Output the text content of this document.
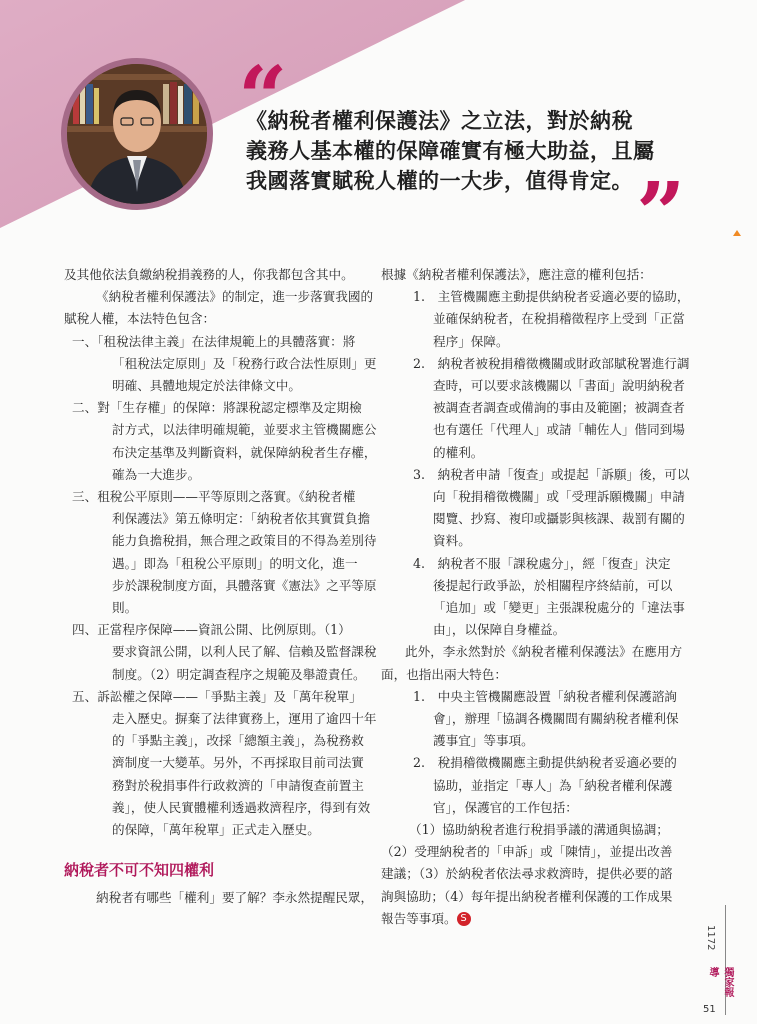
“

《納稅者權利保護法》之立法，對於納稅

義務人基本權的保障確實有極大助益，且屬

我國落實賦稅人權的一大步，值得肯定。 ”

及其他依法負繳納稅捐義務的人，你我都包含其中。

《納稅者權利保護法》的制定，進一步落實我國的

賦稅人權，本法特色包含：

一、「租稅法律主義」在法律規範上的具體落實：將

「租稅法定原則」及「稅務行政合法性原則」更

明確、具體地規定於法律條文中。

二、對「生存權」的保障：將課稅認定標準及定期檢

討方式，以法律明確規範，並要求主管機關應公

布決定基準及判斷資料，就保障納稅者生存權，

確為一大進步。

三、租稅公平原則——平等原則之落實。《納稅者權

利保護法》第五條明定：「納稅者依其實質負擔

能力負擔稅捐，無合理之政策目的不得為差別待

遇。」即為「租稅公平原則」的明文化，進一

步於課稅制度方面，具體落實《憲法》之平等原

則。

四、正當程序保障——資訊公開、比例原則。（1）

要求資訊公開，以利人民了解、信賴及監督課稅

制度。（2）明定調查程序之規範及舉證責任。

五、訴訟權之保障——「爭點主義」及「萬年稅單」

走入歷史。摒棄了法律實務上，運用了逾四十年

的「爭點主義」，改採「總額主義」，為稅務救

濟制度一大變革。另外，不再採取目前司法實

務對於稅捐事件行政救濟的「申請復查前置主

義」，使人民實體權利透過救濟程序，得到有效

的保障，「萬年稅單」正式走入歷史。

納稅者不可不知四權利

納稅者有哪些「權利」要了解？李永然提醒民眾，

根據《納稅者權利保護法》，應注意的權利包括：

1.　主管機關應主動提供納稅者妥適必要的協助，

並確保納稅者，在稅捐稽徵程序上受到「正當

程序」保障。

2.　納稅者被稅捐稽徵機關或財政部賦稅署進行調

查時，可以要求該機關以「書面」說明納稅者

被調查者調查或備詢的事由及範圍；被調查者

也有選任「代理人」或請「輔佐人」偕同到場

的權利。

3.　納稅者申請「復查」或提起「訴願」後，可以

向「稅捐稽徵機關」或「受理訴願機關」申請

閱覽、抄寫、複印或攝影與核課、裁罰有關的

資料。

4.　納稅者不服「課稅處分」，經「復查」決定

後提起行政爭訟，於相關程序終結前，可以

「追加」或「變更」主張課稅處分的「違法事

由」，以保障自身權益。

此外，李永然對於《納稅者權利保護法》在應用方

面，也指出兩大特色：

1.　中央主管機關應設置「納稅者權利保護諮詢

會」，辦理「協調各機關間有關納稅者權利保

護事宜」等事項。

2.　稅捐稽徵機關應主動提供納稅者妥適必要的

協助，並指定「專人」為「納稅者權利保護

官」，保護官的工作包括：

（1）協助納稅者進行稅捐爭議的溝通與協調；

（2）受理納稅者的「申訴」或「陳情」，並提出改善

建議；（3）於納稅者依法尋求救濟時，提供必要的諮

詢與協助；（4）每年提出納稅者權利保護的工作成果

報告等事項。 S

1172
獨家報導
51
